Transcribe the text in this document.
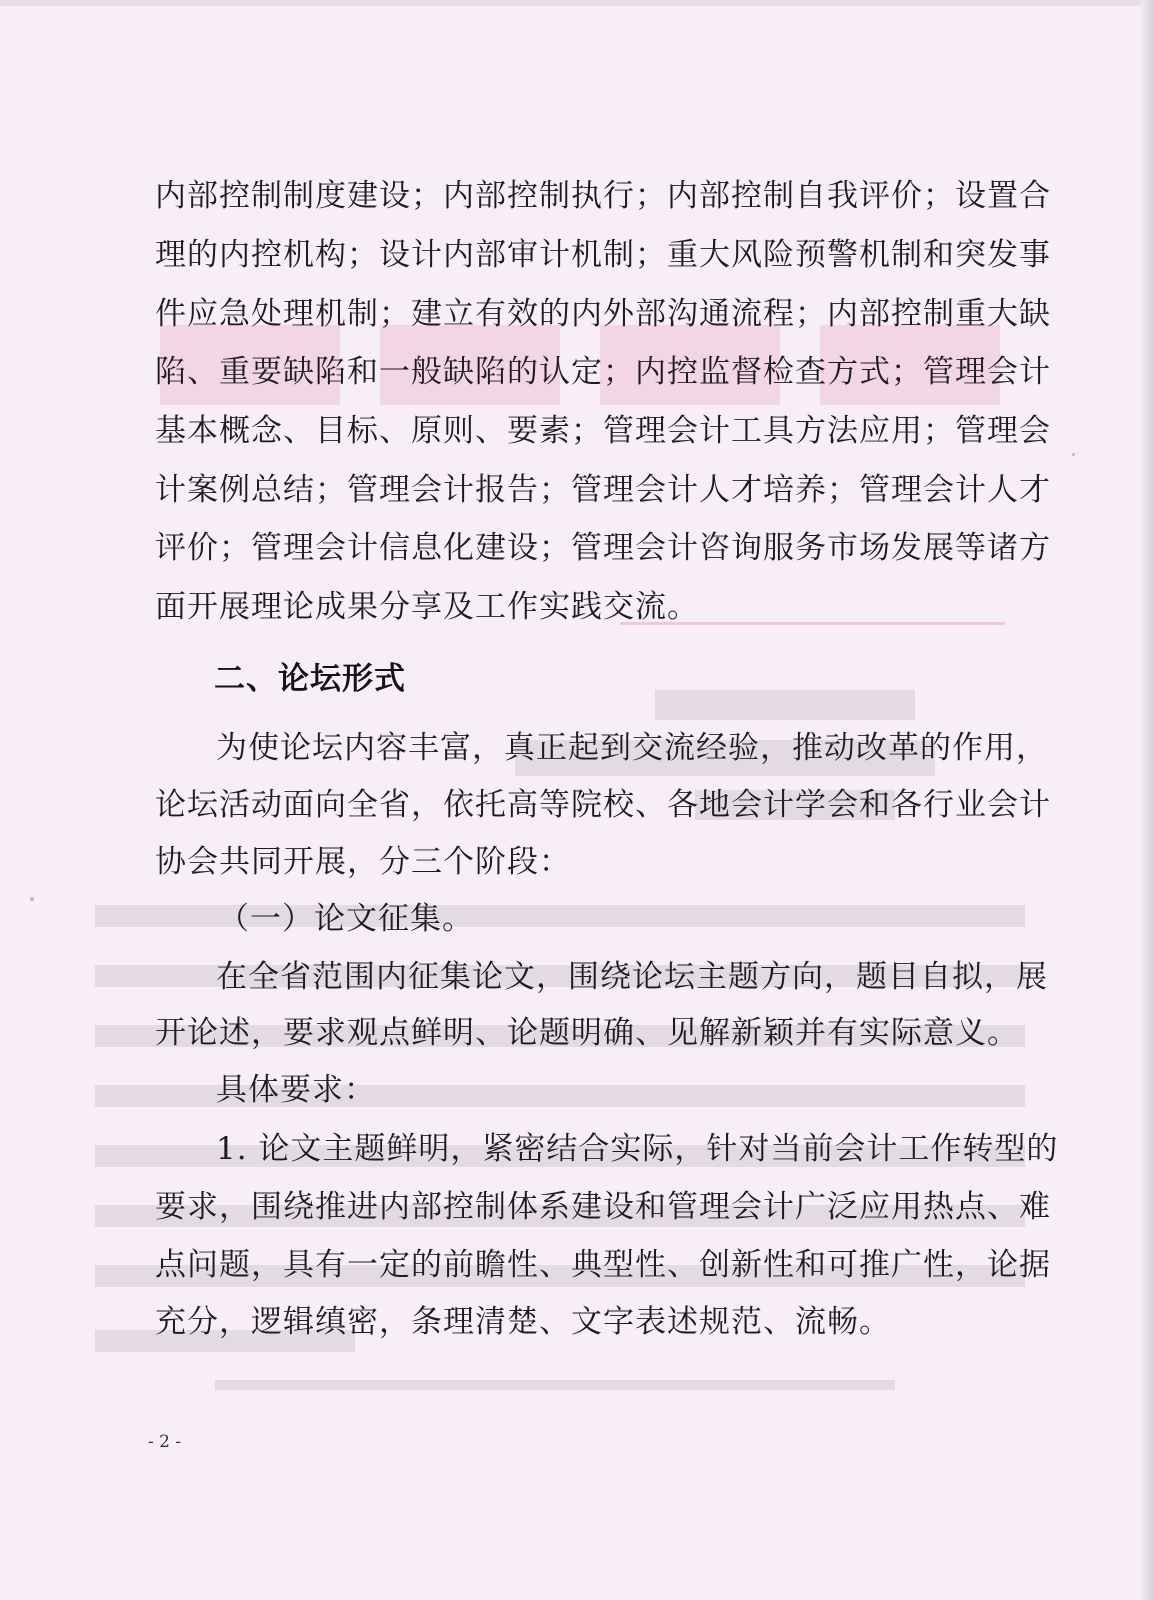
内部控制制度建设；内部控制执行；内部控制自我评价；设置合
理的内控机构；设计内部审计机制；重大风险预警机制和突发事
件应急处理机制；建立有效的内外部沟通流程；内部控制重大缺
陷、重要缺陷和一般缺陷的认定；内控监督检查方式；管理会计
基本概念、目标、原则、要素；管理会计工具方法应用；管理会
计案例总结；管理会计报告；管理会计人才培养；管理会计人才
评价；管理会计信息化建设；管理会计咨询服务市场发展等诸方
面开展理论成果分享及工作实践交流。
二、论坛形式
为使论坛内容丰富，真正起到交流经验，推动改革的作用，
论坛活动面向全省，依托高等院校、各地会计学会和各行业会计
协会共同开展，分三个阶段：
（一）论文征集。
在全省范围内征集论文，围绕论坛主题方向，题目自拟，展
开论述，要求观点鲜明、论题明确、见解新颖并有实际意义。
具体要求：
1. 论文主题鲜明，紧密结合实际，针对当前会计工作转型的
要求，围绕推进内部控制体系建设和管理会计广泛应用热点、难
点问题，具有一定的前瞻性、典型性、创新性和可推广性，论据
充分，逻辑缜密，条理清楚、文字表述规范、流畅。
- 2 -
